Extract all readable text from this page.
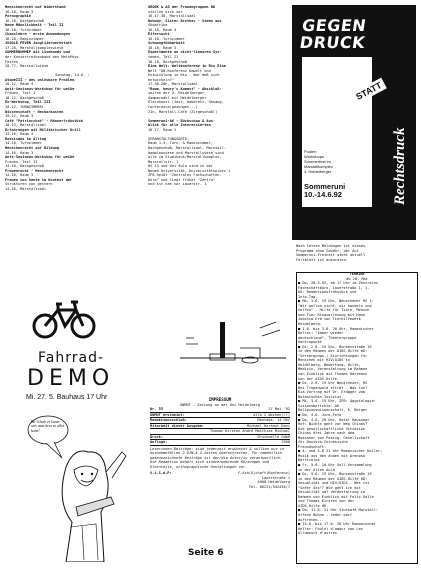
Menschenrecht auf Widerstand
16-18, Raum 3
Pornographie
16-18, Dachgeschoß
Neue Männlichkeit - Teil II
16-18, Turnzimmer
Chaoslehre - erste Anwendungen
16-18, Kaminzimmer
JUGGLE FEVER Jongliierwerkstatt
17-20, Marstallkompleswiese
SOMMERBUMMEP mit Livebands und
der Konzertreihenband des MathPhys-
Festes
20-??, Marstallwiese

Sonntag, 14.6. :
AtomeIII - des unlösbare Problem
10-12, Raum 4
Anti-Sexismus-Workshop für weiße
Frauen, Teil I
10-12, Dachgeschoß
Ex-Werkshop, Teil III
10-12, TURNZIMMER!
Wissenschaft - Neckarkasten
10-12, Raum 3
Café "Patriarchat" - Männerfrühstück
10-13, Marstallsaal
Erfahrungen mit Militärischer Drill
13-16, Raum 4
Rassismus im Alltag
14-16, Turnzimmer
Menschenrecht auf Bildung
14-16, Raum 3
Anti-Sexismus-Workshop für weiße
Frauen, Teil II
14-16, Dachgeschoß
Frauenrecht - Menschenrecht
14-16, Raum 3
Frauen von heute im Kontext der
Strukturen von gestern
14-16, Marstallsaal
GEDOK & AG der Frauengruppen HD
stellen sich vor
16-17.30, Marstallsaal
Nobody, Sister Brother - Video aus
Südafrika
16-18, Raum 4
Eifersucht
16-18, Turnzimmer
Schwangfühbarkeit
16-18, Raum 3
Experimente an nicht-linearen Sys-
temen, Teil II
16-18, Dachgeschoß
Eine Welt: Weltkonferenz in Rio Eine
Welt "UN-Konferenz Umwelt und
Entwicklung in Rio - War muß sich
entwickeln?"
17.30-20h, Marstallsaal
"Raum, bewry's Kommst" - Abschluß-
soiree der 4. Heidelberger
Sommerwahl mit Heidelberger
Kleinkunst (Jazz, Kabarett, Gesang,
Conference(gesungen...)
21h, Marstall-Café (Zirgeschoß!)

Sommeruni-AK - Rückschau & Aus-
blick für alle Interessierten
16-17, Raum 1

VERANSTALTUNGSORTE:
Raum 1-4, Turn- & Kaminzimmer,
Dachgeschoß, Marstallsaal, Marstall-
komplexwiese und Marstallwiese sind
alle im Studihaus/Marstallkomplex,
Marstallstr. 1
HS 13 und Uni Aula sind in der
Neuen Universität, Universitätsplatz 1
ZFB heißt "Zentrales Fachschaften-
büro" und liegt früher "Zentra"
und ist nah vor Lauerstr. 1
GEGEN
DRUCK
Podien
Workshops
Sommerfest im
Marstallkomplex
4. Heidelberger
Sommeruni
10.-14.6.92
STATT
Rechtsdruck
Nach letzen Meldungen ist dieses
Programm ohne Gewähr, der Auf
Sommeruni-Freiheit steht aktuell
Faltblatt ist anzuraten.
TERMINE
ab 20. Mai
■ Do, 28.5.92, ab 17 Uhr im Zentralen
Fachschaftbüro, Lauerstraße 1, 1.
OG: Redaktionsfrühstück und
Info-Tag.
■ Mo, 1.6. 19 Uhr, Neuscheuer HS 1:
"Wir wollen nicht, wir handeln und
helfen" - Hilfe für Tiere, Mensch
und Tier-Ringvorlesung mit Hans
Joachim Erb von Tierhilfewerk
Heidelberg.
■ 1.6. bis 3.6. 20 Uhr, Romanischer
Keller: "Immer wieder
deutschland", Theatergruppe
Kontrapunkt
■ Di, 2.6. 19 Uhr, Bunsenstraße 19
in den Räumen der AIDS-Hilfe HD:
"Versorgungs-) Einrichtungen für
Menschen mit HIV/AIDS in
Heidelberg, Bewertung, Hilfe,
Medizin, Veranstaltung im Rahmen
von Einblick mit Thomas Hartmann
von der AIDS-Hilfe.
■ Di, 2.6. 19 Uhr Neuscheuer, HS
Bei Tropenwald stirbt - Was tun?
Dia-Vortrag mit Dr. Erdgger vom
Botanischen Institut.
■ Mi, 3.6. 19 Uhr, ZFB: Ägyptologie:
Visionsberichte. AK
Religionswissenschaft, K. Berger
■ Do, 4.6. Jure-Fete
■ Do, 4.6. 20 Uhr, Hotel Hausnaer
Hof: Nichts geht vor Weg Chinas?
Die gesellschaftliche Situation
Chinas drei Jahre nach dem
Massaker von Peking. Gesellschaft
für Deutsch-Chinesische
Freundschaft.
■ 4. und 5.6 21 Uhr Romanischer Keller:
Musik aus den Anden mit Arenoso
Barricolos
■ Fr, 5.6. 10 Uhr Voll-Versammlung
in der Alten Aula
■ Di, 9.6. 19 Uhr, Bunsenstraße 19
in den Räumen der AIDS-Hilfe HD:
Sexualität und HIV/AIDS - Was ist
"Safer Sex"? Wie geht ich mit
Sexualität um? Veranstaltung im
Rahmen von Einblick mit Felix Galle
und Thomas Kirsten von der
AIDS-Hilfe HD.
■ Do, 11.6. 21 Uhr Stutkafé Marstall:
Offene Bühne - Jeder darf
auftreten...
■ 15.6. bis 17.6. 20 Uhr Romanischer
Keller: Foule) d'amour von Les
Allumeurs d'astres
Fahrrad-
DEMO
Mi. 27. 5. Bauhaus 17 Uhr
Ihr Glaub es kaum was man heut so alles kann!
IMPRESSUM
UNMUT - Zeitung an der Uni Heidelberg
Nr. 55	27.Mai '92
UNMUT erscheint:	alle 2 Wochen(!!)
Redaktionsschluß:	Montags, 14 Uhr
Mitarbeit dieser Ausgabe:	Michael Hartmut Dani
	Thomas Kirsten André Matthias Michael
Druck:	Druckwelle GdbR
Auflage:	2500
Leserinnen-Beiträge: sind jederzeit erwünscht & sollten nur in Ausnahmefällen 2 DIN-A-4-Seiten überschreiten. Für namentlich gekennzeichnete Beiträge ist der/die Autor/in verantwortlich. Die Redaktion behält sich sinnverwahrende Kürzungen und Kleinteile, orthographische Gestaltungen vor.
V.i.S.d.P:	F.Ach(U)chaft(Konferenz)
Lauerstraße 1
6900 Heidelberg
Tel. 06221/542456/7
Seite 6
